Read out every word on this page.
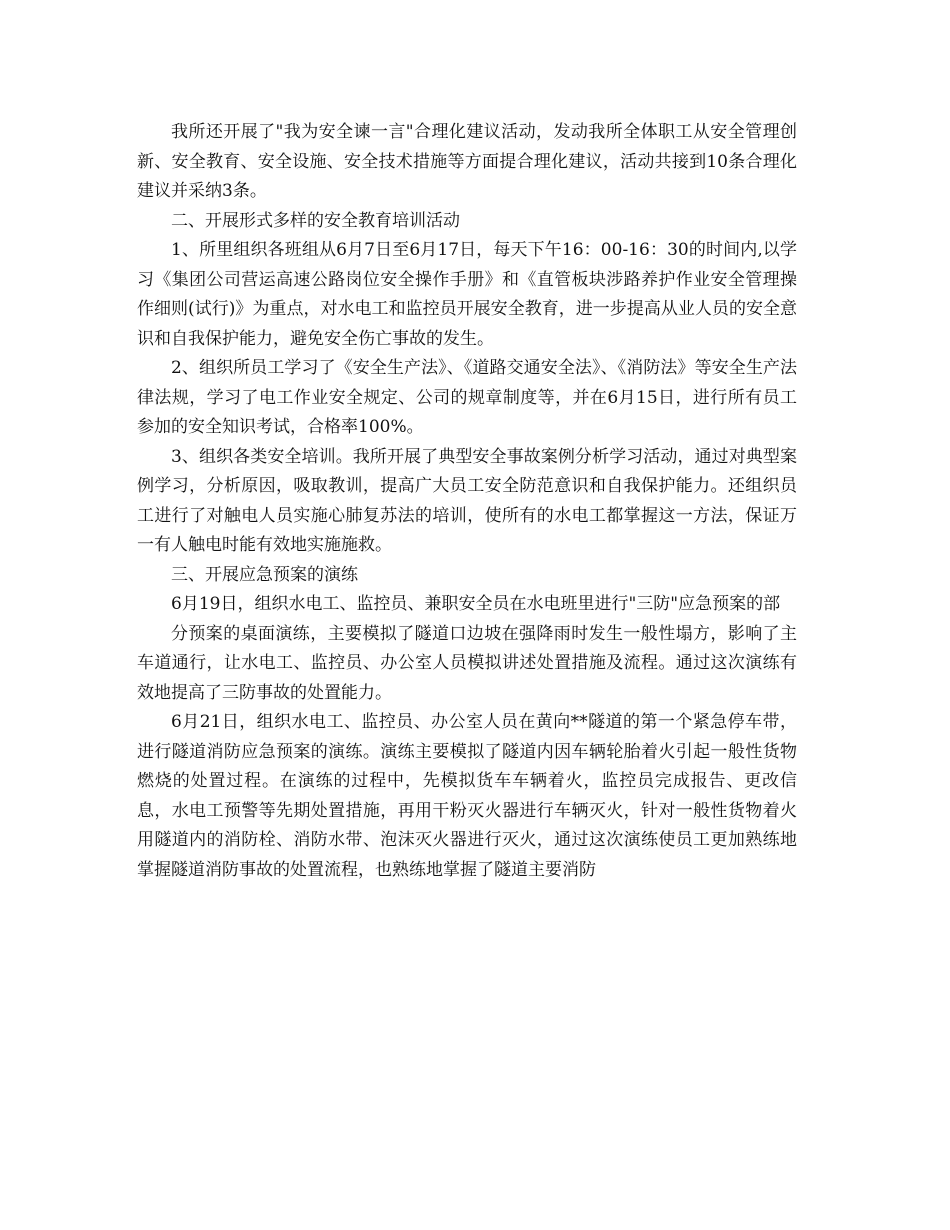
我所还开展了"我为安全谏一言"合理化建议活动，发动我所全体职工从安全管理创新、安全教育、安全设施、安全技术措施等方面提合理化建议，活动共接到10条合理化建议并采纳3条。

二、开展形式多样的安全教育培训活动

1、所里组织各班组从6月7日至6月17日，每天下午16：00-16：30的时间内,以学习《集团公司营运高速公路岗位安全操作手册》和《直管板块涉路养护作业安全管理操作细则(试行)》为重点，对水电工和监控员开展安全教育，进一步提高从业人员的安全意识和自我保护能力，避免安全伤亡事故的发生。

2、组织所员工学习了《安全生产法》、《道路交通安全法》、《消防法》等安全生产法律法规，学习了电工作业安全规定、公司的规章制度等，并在6月15日，进行所有员工参加的安全知识考试，合格率100%。

3、组织各类安全培训。我所开展了典型安全事故案例分析学习活动，通过对典型案例学习，分析原因，吸取教训，提高广大员工安全防范意识和自我保护能力。还组织员工进行了对触电人员实施心肺复苏法的培训，使所有的水电工都掌握这一方法，保证万一有人触电时能有效地实施施救。

三、开展应急预案的演练

6月19日，组织水电工、监控员、兼职安全员在水电班里进行"三防"应急预案的部

分预案的桌面演练，主要模拟了隧道口边坡在强降雨时发生一般性塌方，影响了主车道通行，让水电工、监控员、办公室人员模拟讲述处置措施及流程。通过这次演练有效地提高了三防事故的处置能力。

6月21日，组织水电工、监控员、办公室人员在黄向**隧道的第一个紧急停车带，进行隧道消防应急预案的演练。演练主要模拟了隧道内因车辆轮胎着火引起一般性货物燃烧的处置过程。在演练的过程中，先模拟货车车辆着火，监控员完成报告、更改信息，水电工预警等先期处置措施，再用干粉灭火器进行车辆灭火，针对一般性货物着火用隧道内的消防栓、消防水带、泡沫灭火器进行灭火，通过这次演练使员工更加熟练地掌握隧道消防事故的处置流程，也熟练地掌握了隧道主要消防
